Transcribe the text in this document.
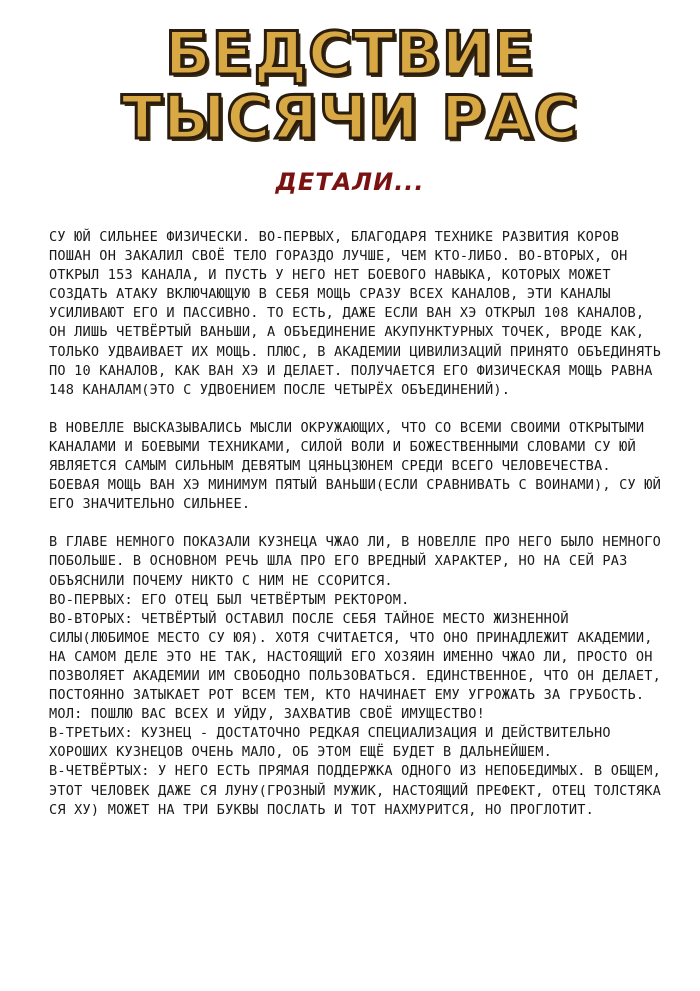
БЕДСТВИЕ
ТЫСЯЧИ РАС
ДЕТАЛИ...

СУ ЮЙ СИЛЬНЕЕ ФИЗИЧЕСКИ. ВО-ПЕРВЫХ, БЛАГОДАРЯ ТЕХНИКЕ РАЗВИТИЯ КОРОВ ПОШАН ОН ЗАКАЛИЛ СВОЁ ТЕЛО ГОРАЗДО ЛУЧШЕ, ЧЕМ КТО-ЛИБО. ВО-ВТОРЫХ, ОН ОТКРЫЛ 153 КАНАЛА, И ПУСТЬ У НЕГО НЕТ БОЕВОГО НАВЫКА, КОТОРЫХ МОЖЕТ СОЗДАТЬ АТАКУ ВКЛЮЧАЮЩУЮ В СЕБЯ МОЩЬ СРАЗУ ВСЕХ КАНАЛОВ, ЭТИ КАНАЛЫ УСИЛИВАЮТ ЕГО И ПАССИВНО. ТО ЕСТЬ, ДАЖЕ ЕСЛИ ВАН ХЭ ОТКРЫЛ 108 КАНАЛОВ, ОН ЛИШЬ ЧЕТВЁРТЫЙ ВАНЬШИ, А ОБЪЕДИНЕНИЕ АКУПУНКТУРНЫХ ТОЧЕК, ВРОДЕ КАК, ТОЛЬКО УДВАИВАЕТ ИХ МОЩЬ. ПЛЮС, В АКАДЕМИИ ЦИВИЛИЗАЦИЙ ПРИНЯТО ОБЪЕДИНЯТЬ ПО 10 КАНАЛОВ, КАК ВАН ХЭ И ДЕЛАЕТ. ПОЛУЧАЕТСЯ ЕГО ФИЗИЧЕСКАЯ МОЩЬ РАВНА 148 КАНАЛАМ(ЭТО С УДВОЕНИЕМ ПОСЛЕ ЧЕТЫРЁХ ОБЪЕДИНЕНИЙ).

В НОВЕЛЛЕ ВЫСКАЗЫВАЛИСЬ МЫСЛИ ОКРУЖАЮЩИХ, ЧТО СО ВСЕМИ СВОИМИ ОТКРЫТЫМИ КАНАЛАМИ И БОЕВЫМИ ТЕХНИКАМИ, СИЛОЙ ВОЛИ И БОЖЕСТВЕННЫМИ СЛОВАМИ СУ ЮЙ ЯВЛЯЕТСЯ САМЫМ СИЛЬНЫМ ДЕВЯТЫМ ЦЯНЬЦЗЮНЕМ СРЕДИ ВСЕГО ЧЕЛОВЕЧЕСТВА. БОЕВАЯ МОЩЬ ВАН ХЭ МИНИМУМ ПЯТЫЙ ВАНЬШИ(ЕСЛИ СРАВНИВАТЬ С ВОИНАМИ), СУ ЮЙ ЕГО ЗНАЧИТЕЛЬНО СИЛЬНЕЕ.

В ГЛАВЕ НЕМНОГО ПОКАЗАЛИ КУЗНЕЦА ЧЖАО ЛИ, В НОВЕЛЛЕ ПРО НЕГО БЫЛО НЕМНОГО ПОБОЛЬШЕ. В ОСНОВНОМ РЕЧЬ ШЛА ПРО ЕГО ВРЕДНЫЙ ХАРАКТЕР, НО НА СЕЙ РАЗ ОБЪЯСНИЛИ ПОЧЕМУ НИКТО С НИМ НЕ ССОРИТСЯ.
ВО-ПЕРВЫХ: ЕГО ОТЕЦ БЫЛ ЧЕТВЁРТЫМ РЕКТОРОМ.
ВО-ВТОРЫХ: ЧЕТВЁРТЫЙ ОСТАВИЛ ПОСЛЕ СЕБЯ ТАЙНОЕ МЕСТО ЖИЗНЕННОЙ СИЛЫ(ЛЮБИМОЕ МЕСТО СУ ЮЯ). ХОТЯ СЧИТАЕТСЯ, ЧТО ОНО ПРИНАДЛЕЖИТ АКАДЕМИИ, НА САМОМ ДЕЛЕ ЭТО НЕ ТАК, НАСТОЯЩИЙ ЕГО ХОЗЯИН ИМЕННО ЧЖАО ЛИ, ПРОСТО ОН ПОЗВОЛЯЕТ АКАДЕМИИ ИМ СВОБОДНО ПОЛЬЗОВАТЬСЯ. ЕДИНСТВЕННОЕ, ЧТО ОН ДЕЛАЕТ, ПОСТОЯННО ЗАТЫКАЕТ РОТ ВСЕМ ТЕМ, КТО НАЧИНАЕТ ЕМУ УГРОЖАТЬ ЗА ГРУБОСТЬ. МОЛ: ПОШЛЮ ВАС ВСЕХ И УЙДУ, ЗАХВАТИВ СВОЁ ИМУЩЕСТВО!
В-ТРЕТЬИХ: КУЗНЕЦ - ДОСТАТОЧНО РЕДКАЯ СПЕЦИАЛИЗАЦИЯ И ДЕЙСТВИТЕЛЬНО ХОРОШИХ КУЗНЕЦОВ ОЧЕНЬ МАЛО, ОБ ЭТОМ ЕЩЁ БУДЕТ В ДАЛЬНЕЙШЕМ.
В-ЧЕТВЁРТЫХ: У НЕГО ЕСТЬ ПРЯМАЯ ПОДДЕРЖКА ОДНОГО ИЗ НЕПОБЕДИМЫХ. В ОБЩЕМ, ЭТОТ ЧЕЛОВЕК ДАЖЕ СЯ ЛУНУ(ГРОЗНЫЙ МУЖИК, НАСТОЯЩИЙ ПРЕФЕКТ, ОТЕЦ ТОЛСТЯКА СЯ ХУ) МОЖЕТ НА ТРИ БУКВЫ ПОСЛАТЬ И ТОТ НАХМУРИТСЯ, НО ПРОГЛОТИТ.
